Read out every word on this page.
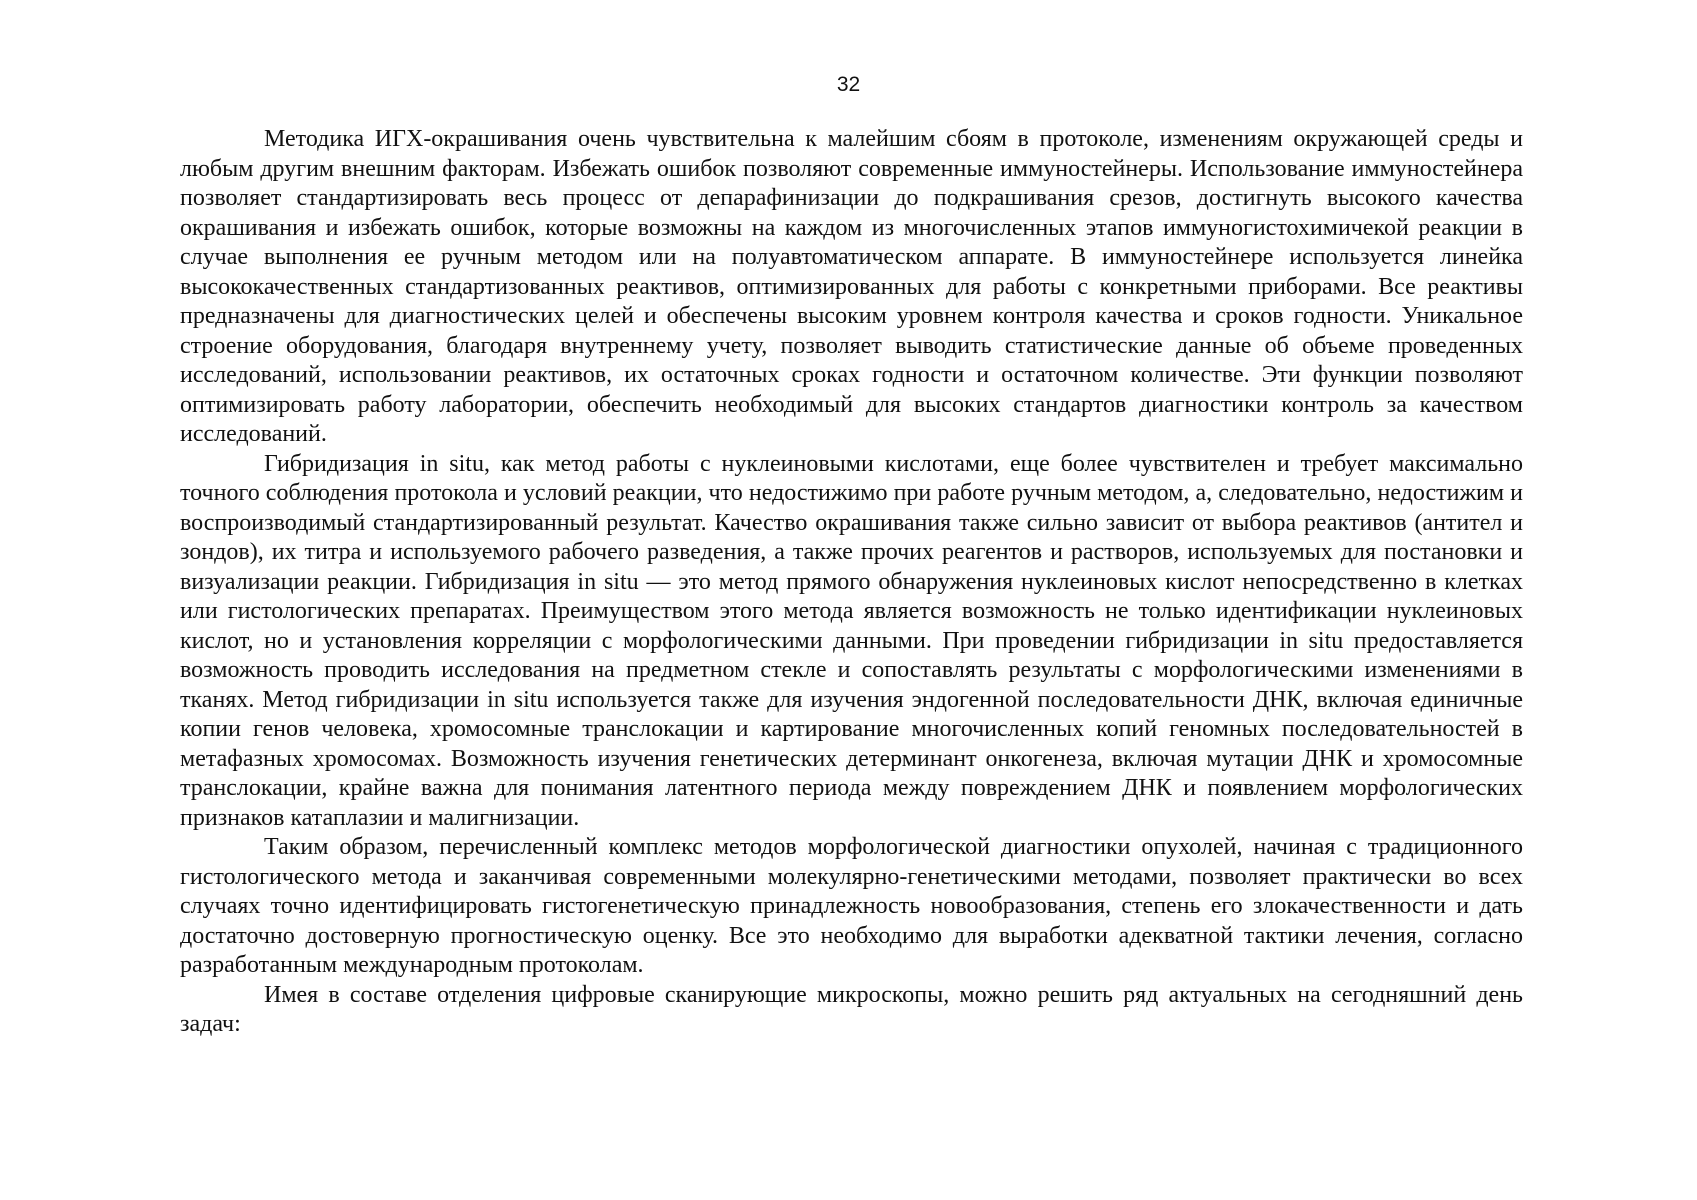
32

Методика ИГХ-окрашивания очень чувствительна к малейшим сбоям в протоколе, изменениям окружающей среды и любым другим внешним факторам. Избежать ошибок позволяют современные иммуностейнеры. Использование иммуностейнера позволяет стандартизировать весь процесс от депарафинизации до подкрашивания срезов, достигнуть высокого качества окрашивания и избежать ошибок, которые возможны на каждом из многочисленных этапов иммуногистохимичекой реакции в случае выполнения ее ручным методом или на полуавтоматическом аппарате. В иммуностейнере используется линейка высококачественных стандартизованных реактивов, оптимизированных для работы с конкретными приборами. Все реактивы предназначены для диагностических целей и обеспечены высоким уровнем контроля качества и сроков годности. Уникальное строение оборудования, благодаря внутреннему учету, позволяет выводить статистические данные об объеме проведенных исследований, использовании реактивов, их остаточных сроках годности и остаточном количестве. Эти функции позволяют оптимизировать работу лаборатории, обеспечить необходимый для высоких стандартов диагностики контроль за качеством исследований.

Гибридизация in situ, как метод работы с нуклеиновыми кислотами, еще более чувствителен и требует максимально точного соблюдения протокола и условий реакции, что недостижимо при работе ручным методом, а, следовательно, недостижим и воспроизводимый стандартизированный результат. Качество окрашивания также сильно зависит от выбора реактивов (антител и зондов), их титра и используемого рабочего разведения, а также прочих реагентов и растворов, используемых для постановки и визуализации реакции. Гибридизация in situ — это метод прямого обнаружения нуклеиновых кислот непосредственно в клетках или гистологических препаратах. Преимуществом этого метода является возможность не только идентификации нуклеиновых кислот, но и установления корреляции с морфологическими данными. При проведении гибридизации in situ предоставляется возможность проводить исследования на предметном стекле и сопоставлять результаты с морфологическими изменениями в тканях. Метод гибридизации in situ используется также для изучения эндогенной последовательности ДНК, включая единичные копии генов человека, хромосомные транслокации и картирование многочисленных копий геномных последовательностей в метафазных хромосомах. Возможность изучения генетических детерминант онкогенеза, включая мутации ДНК и хромосомные транслокации, крайне важна для понимания латентного периода между повреждением ДНК и появлением морфологических признаков катаплазии и малигнизации.

Таким образом, перечисленный комплекс методов морфологической диагностики опухолей, начиная с традиционного гистологического метода и заканчивая современными молекулярно-генетическими методами, позволяет практически во всех случаях точно идентифицировать гистогенетическую принадлежность новообразования, степень его злокачественности и дать достаточно достоверную прогностическую оценку. Все это необходимо для выработки адекватной тактики лечения, согласно разработанным международным протоколам.

Имея в составе отделения цифровые сканирующие микроскопы, можно решить ряд актуальных на сегодняшний день задач:
